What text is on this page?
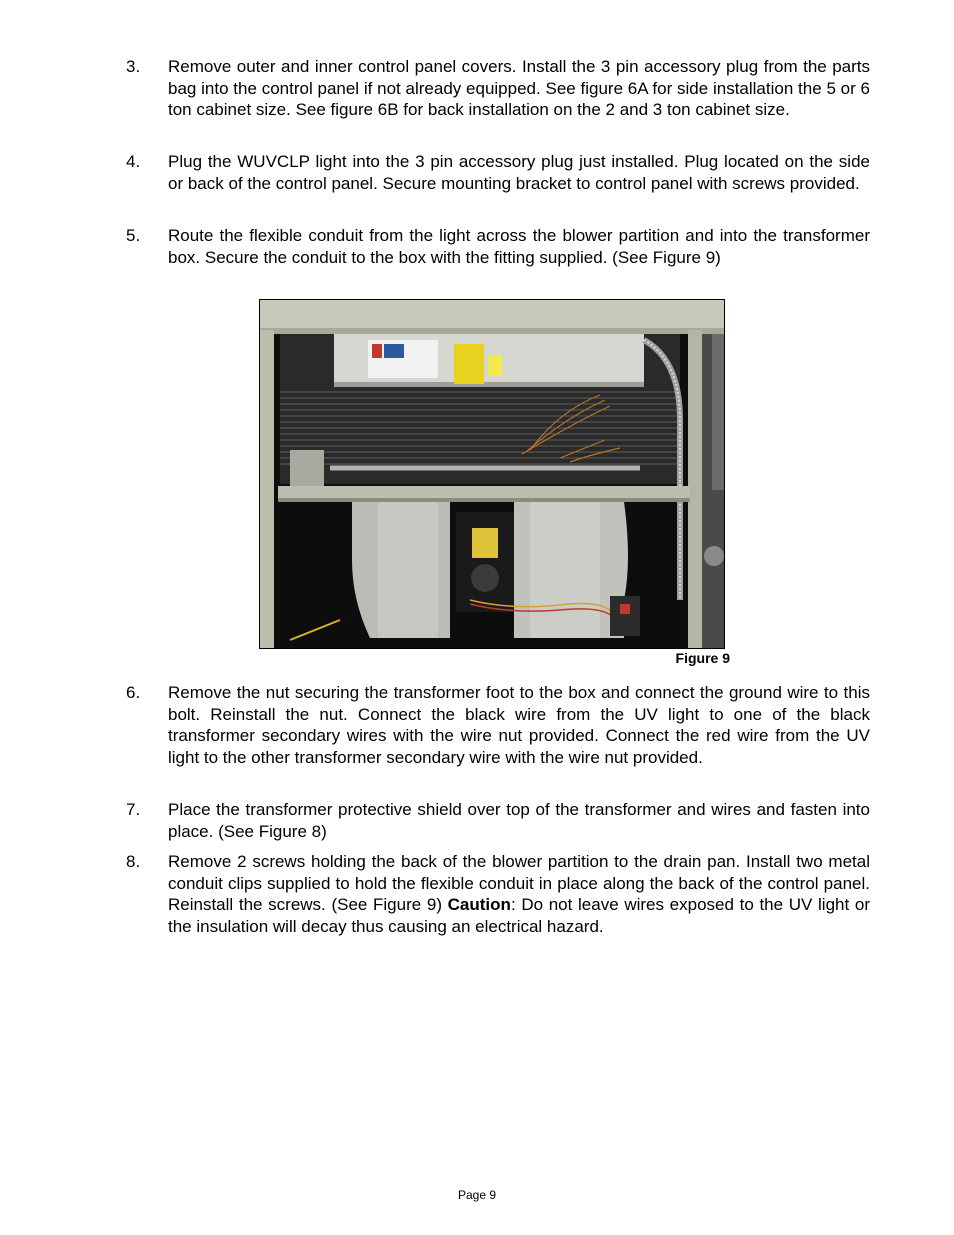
3. Remove outer and inner control panel covers. Install the 3 pin accessory plug from the parts bag into the control panel if not already equipped. See figure 6A for side installation the 5 or 6 ton cabinet size. See figure 6B for back installation on the 2 and 3 ton cabinet size.
4. Plug the WUVCLP light into the 3 pin accessory plug just installed. Plug located on the side or back of the control panel. Secure mounting bracket to control panel with screws provided.
5. Route the flexible conduit from the light across the blower partition and into the transformer box. Secure the conduit to the box with the fitting supplied. (See Figure 9)
Figure 9
6. Remove the nut securing the transformer foot to the box and connect the ground wire to this bolt. Reinstall the nut. Connect the black wire from the UV light to one of the black transformer secondary wires with the wire nut provided. Connect the red wire from the UV light to the other transformer secondary wire with the wire nut provided.
7. Place the transformer protective shield over top of the transformer and wires and fasten into place. (See Figure 8)
8. Remove 2 screws holding the back of the blower partition to the drain pan. Install two metal conduit clips supplied to hold the flexible conduit in place along the back of the control panel. Reinstall the screws. (See Figure 9) Caution: Do not leave wires exposed to the UV light or the insulation will decay thus causing an electrical hazard.
Page 9
